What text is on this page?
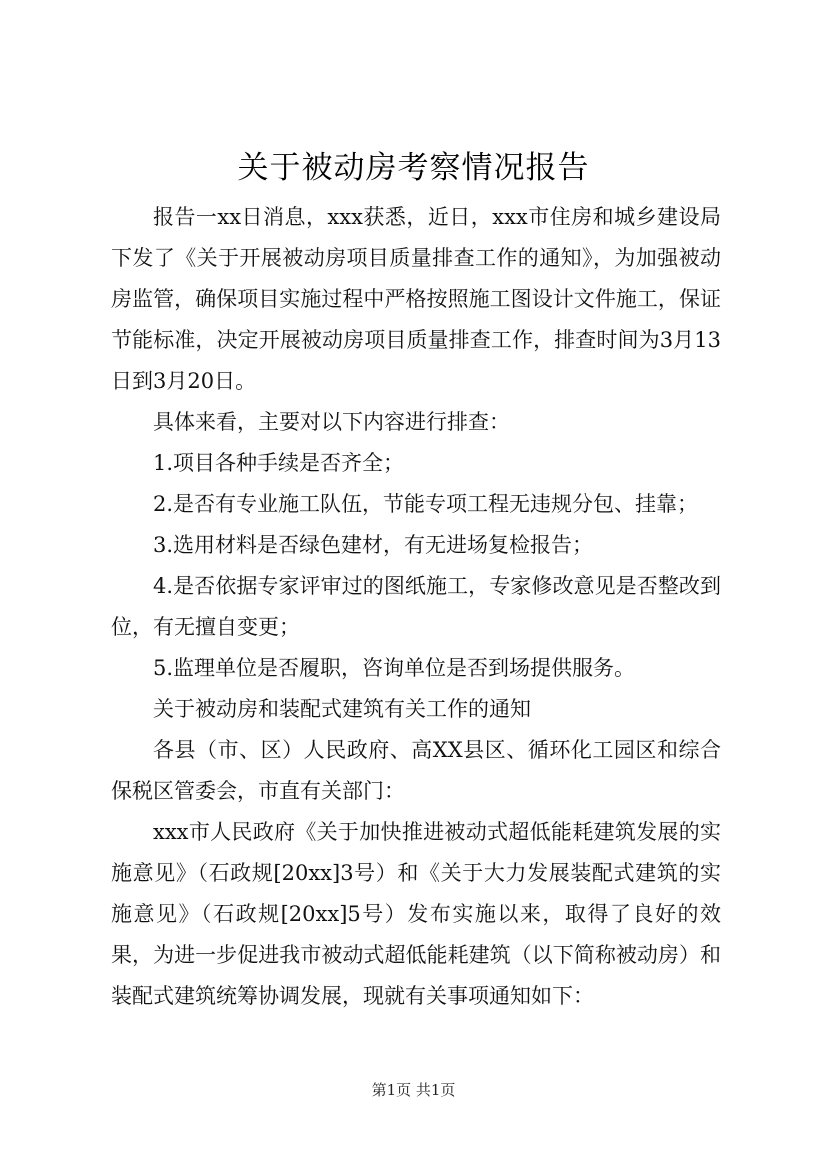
关于被动房考察情况报告

报告一xx日消息，xxx获悉，近日，xxx市住房和城乡建设局下发了《关于开展被动房项目质量排查工作的通知》，为加强被动房监管，确保项目实施过程中严格按照施工图设计文件施工，保证节能标准，决定开展被动房项目质量排查工作，排查时间为3月13日到3月20日。

具体来看，主要对以下内容进行排查：

1.项目各种手续是否齐全；

2.是否有专业施工队伍，节能专项工程无违规分包、挂靠；

3.选用材料是否绿色建材，有无进场复检报告；

4.是否依据专家评审过的图纸施工，专家修改意见是否整改到位，有无擅自变更；

5.监理单位是否履职，咨询单位是否到场提供服务。

关于被动房和装配式建筑有关工作的通知

各县（市、区）人民政府、高XX县区、循环化工园区和综合保税区管委会，市直有关部门：

xxx市人民政府《关于加快推进被动式超低能耗建筑发展的实施意见》（石政规[20xx]3号）和《关于大力发展装配式建筑的实施意见》（石政规[20xx]5号）发布实施以来，取得了良好的效果，为进一步促进我市被动式超低能耗建筑（以下简称被动房）和装配式建筑统筹协调发展，现就有关事项通知如下：

第1页 共1页
